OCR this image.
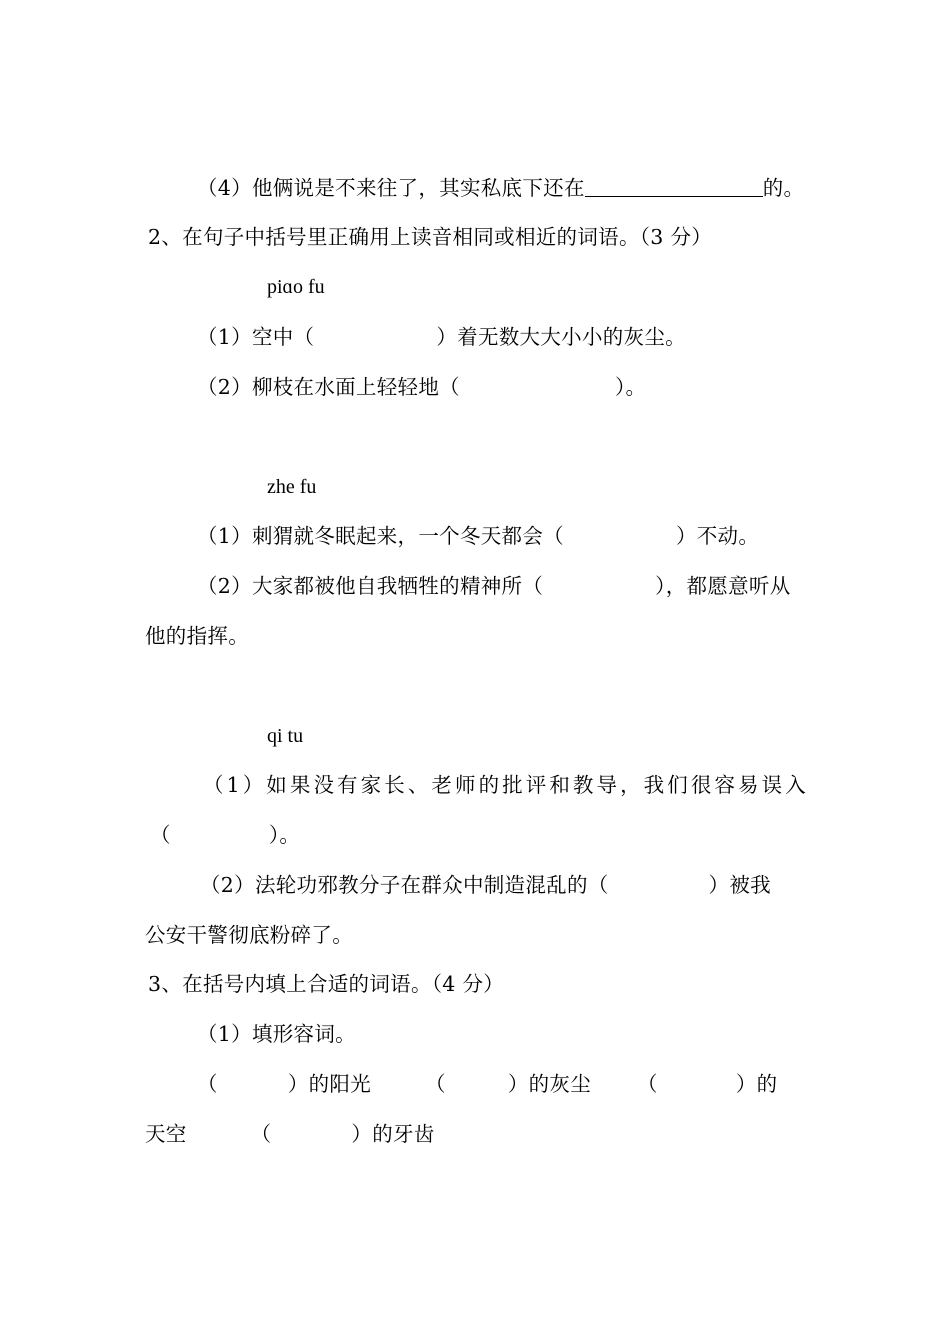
（4）他俩说是不来往了，其实私底下还在	的。
2、在句子中括号里正确用上读音相同或相近的词语。（3 分）
piɑo fu
（1）空中（	）着无数大大小小的灰尘。
（2）柳枝在水面上轻轻地（	）。
zhe fu
（1）刺猬就冬眠起来，一个冬天都会（	）不动。
（2）大家都被他自我牺牲的精神所（	），都愿意听从
他的指挥。
qi tu
（1）如果没有家长、老师的批评和教导，我们很容易误入
（	）。
（2）法轮功邪教分子在群众中制造混乱的（	）被我
公安干警彻底粉碎了。
3、在括号内填上合适的词语。（4 分）
（1）填形容词。
（	）的阳光	（	）的灰尘 （	）的
天空	（	）的牙齿
